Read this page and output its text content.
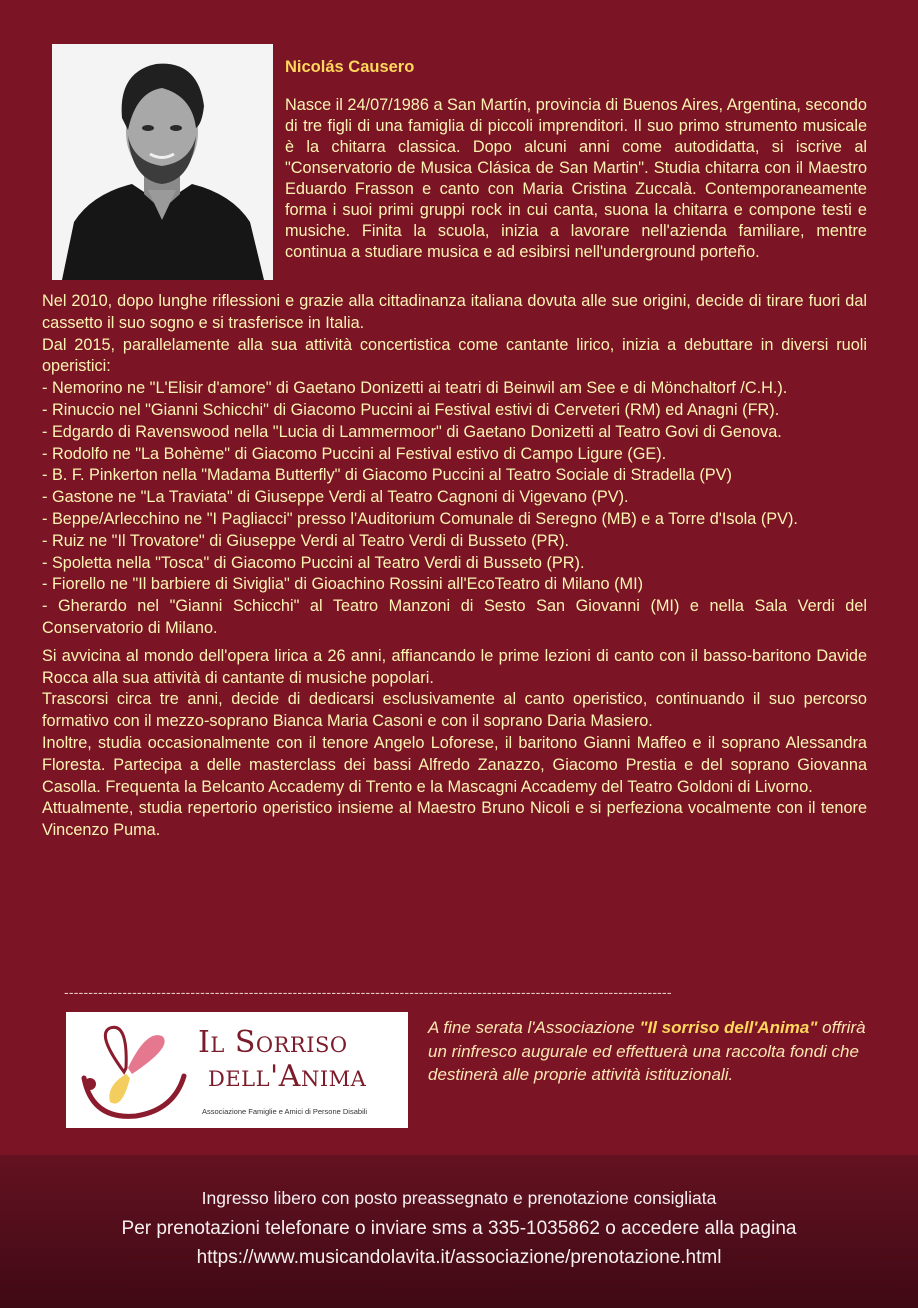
Nicolás Causero

Nasce il 24/07/1986 a San Martín, provincia di Buenos Aires, Argentina, secondo di tre figli di una famiglia di piccoli imprenditori. Il suo primo strumento musicale è la chitarra classica. Dopo alcuni anni come autodidatta, si iscrive al "Conservatorio de Musica Clásica de San Martin". Studia chitarra con il Maestro Eduardo Frasson e canto con Maria Cristina Zuccalà. Contemporaneamente forma i suoi primi gruppi rock in cui canta, suona la chitarra e compone testi e musiche. Finita la scuola, inizia a lavorare nell'azienda familiare, mentre continua a studiare musica e ad esibirsi nell'underground porteño.

Nel 2010, dopo lunghe riflessioni e grazie alla cittadinanza italiana dovuta alle sue origini, decide di tirare fuori dal cassetto il suo sogno e si trasferisce in Italia.

Dal 2015, parallelamente alla sua attività concertistica come cantante lirico, inizia a debuttare in diversi ruoli operistici:

- Nemorino ne "L'Elisir d'amore" di Gaetano Donizetti ai teatri di Beinwil am See e di Mönchaltorf /C.H.).

- Rinuccio nel "Gianni Schicchi" di Giacomo Puccini ai Festival estivi di Cerveteri (RM) ed Anagni (FR).

- Edgardo di Ravenswood nella "Lucia di Lammermoor" di Gaetano Donizetti al Teatro Govi di Genova.

- Rodolfo ne "La Bohème" di Giacomo Puccini al Festival estivo di Campo Ligure (GE).

- B. F. Pinkerton nella "Madama Butterfly" di Giacomo Puccini al Teatro Sociale di Stradella (PV)

- Gastone ne "La Traviata" di Giuseppe Verdi al Teatro Cagnoni di Vigevano (PV).

- Beppe/Arlecchino ne "I Pagliacci" presso l'Auditorium Comunale di Seregno (MB) e a Torre d'Isola (PV).

- Ruiz ne "Il Trovatore" di Giuseppe Verdi al Teatro Verdi di Busseto (PR).

- Spoletta nella "Tosca" di Giacomo Puccini al Teatro Verdi di Busseto (PR).

- Fiorello ne "Il barbiere di Siviglia" di Gioachino Rossini all'EcoTeatro di Milano (MI)

- Gherardo nel "Gianni Schicchi" al Teatro Manzoni di Sesto San Giovanni (MI) e nella Sala Verdi del Conservatorio di Milano.

Si avvicina al mondo dell'opera lirica a 26 anni, affiancando le prime lezioni di canto con il basso-baritono Davide Rocca alla sua attività di cantante di musiche popolari.

Trascorsi circa tre anni, decide di dedicarsi esclusivamente al canto operistico, continuando il suo percorso formativo con il mezzo-soprano Bianca Maria Casoni e con il soprano Daria Masiero.

Inoltre, studia occasionalmente con il tenore Angelo Loforese, il baritono Gianni Maffeo e il soprano Alessandra Floresta. Partecipa a delle masterclass dei bassi Alfredo Zanazzo, Giacomo Prestia e del soprano Giovanna Casolla. Frequenta la Belcanto Accademy di Trento e la Mascagni Accademy del Teatro Goldoni di Livorno.

Attualmente, studia repertorio operistico insieme al Maestro Bruno Nicoli e si perfeziona vocalmente con il tenore Vincenzo Puma.

-----------------------------------------------------------------------------------------------------------------------------
Il Sorriso
dell'Anima
Associazione Famiglie e Amici di Persone Disabili
A fine serata l'Associazione "Il sorriso dell'Anima" offrirà un rinfresco augurale ed effettuerà una raccolta fondi che destinerà alle proprie attività istituzionali.
Ingresso libero con posto preassegnato e prenotazione consigliata
Per prenotazioni telefonare o inviare sms a 335-1035862 o accedere alla pagina
https://www.musicandolavita.it/associazione/prenotazione.html
